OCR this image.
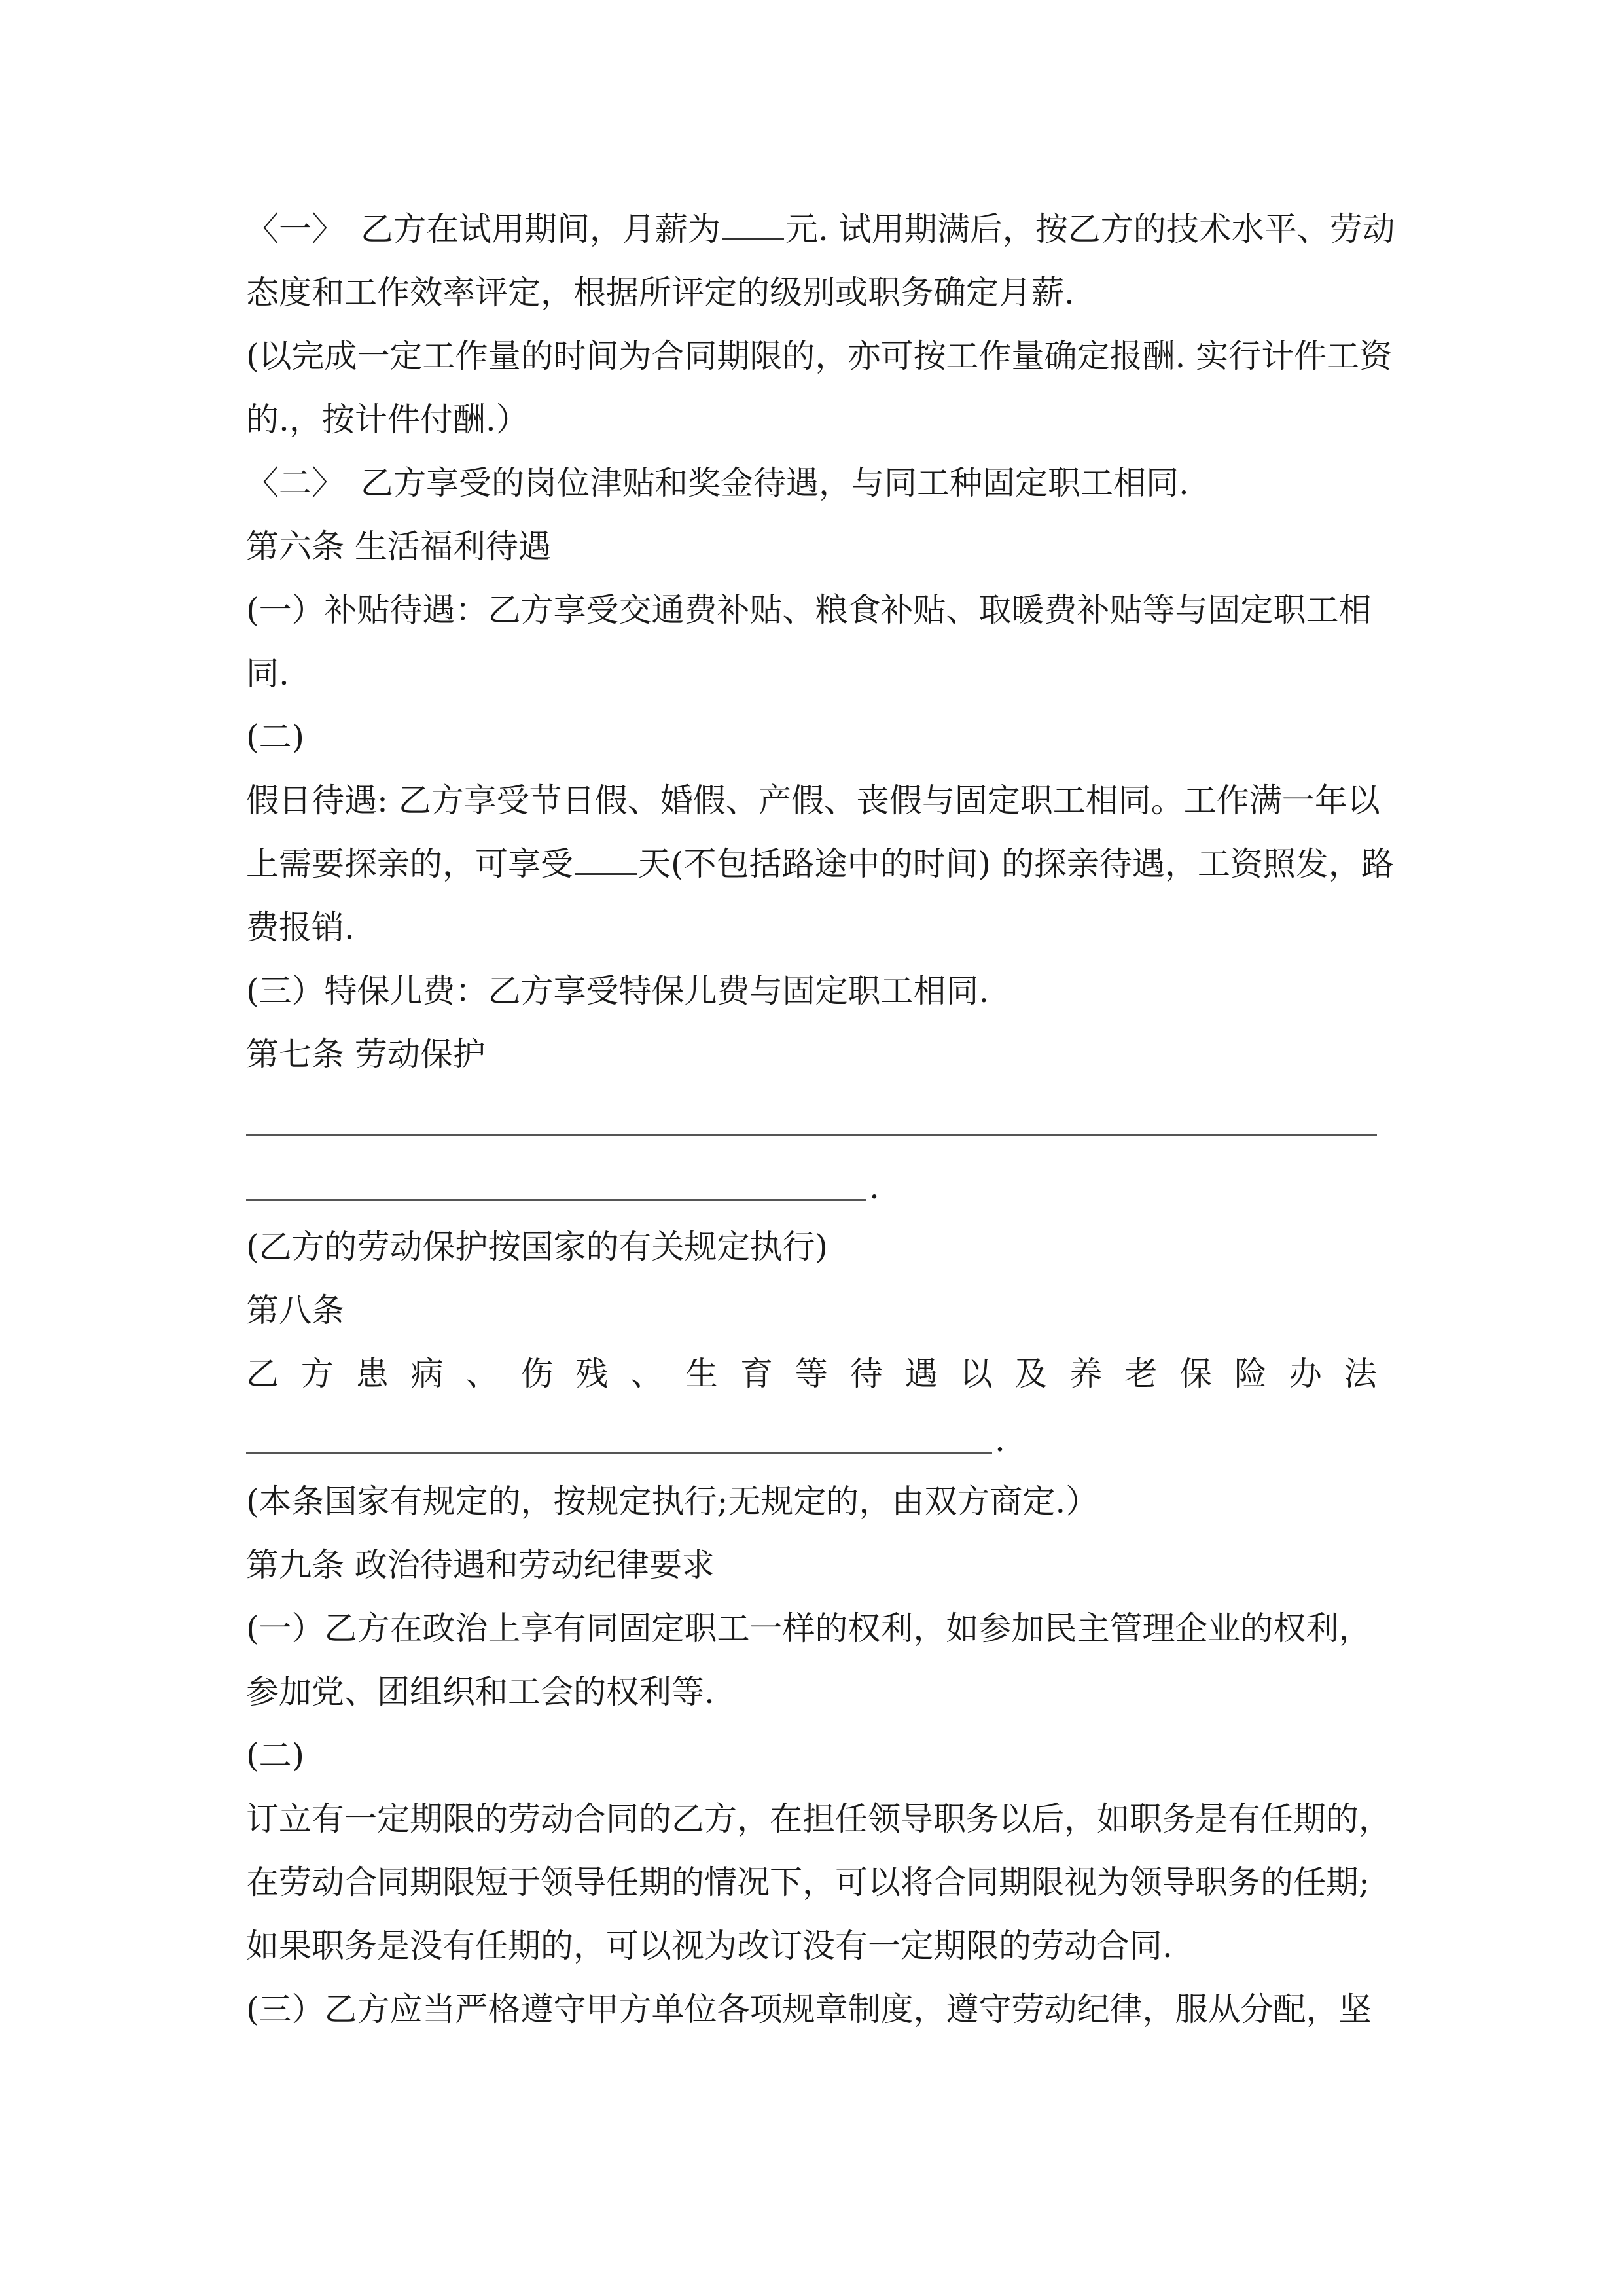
〈一〉　乙方在试用期间，月薪为 元. 试用期满后，按乙方的技术水平、劳动
态度和工作效率评定，根据所评定的级别或职务确定月薪.
(以完成一定工作量的时间为合同期限的，亦可按工作量确定报酬. 实行计件工资
的.，按计件付酬.）
〈二〉　乙方享受的岗位津贴和奖金待遇，与同工种固定职工相同.
第六条 生活福利待遇
(一）补贴待遇：乙方享受交通费补贴、粮食补贴、取暖费补贴等与固定职工相
同.
(二)
假日待遇: 乙方享受节日假、婚假、产假、丧假与固定职工相同。工作满一年以
上需要探亲的，可享受 天(不包括路途中的时间) 的探亲待遇，工资照发，路
费报销.
(三）特保儿费：乙方享受特保儿费与固定职工相同.
第七条 劳动保护
.
(乙方的劳动保护按国家的有关规定执行)
第八条
乙 方 患 病 、 伤 残 、 生 育 等 待 遇 以 及 养 老 保 险 办 法
.
(本条国家有规定的，按规定执行;无规定的，由双方商定.）
第九条 政治待遇和劳动纪律要求
(一）乙方在政治上享有同固定职工一样的权利，如参加民主管理企业的权利，
参加党、团组织和工会的权利等.
(二)
订立有一定期限的劳动合同的乙方，在担任领导职务以后，如职务是有任期的，
在劳动合同期限短于领导任期的情况下，可以将合同期限视为领导职务的任期;
如果职务是没有任期的，可以视为改订没有一定期限的劳动合同.
(三）乙方应当严格遵守甲方单位各项规章制度，遵守劳动纪律，服从分配，坚
